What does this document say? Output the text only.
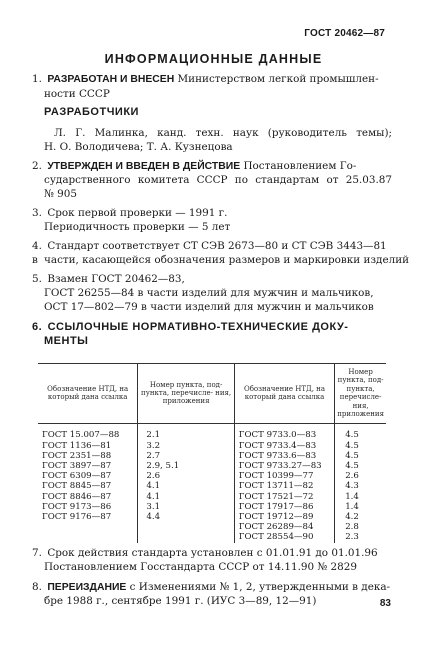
ГОСТ 20462—87
ИНФОРМАЦИОННЫЕ ДАННЫЕ
1. РАЗРАБОТАН И ВНЕСЕН Министерством легкой промышлен-
ности СССР
РАЗРАБОТЧИКИ
Л. Г. Малинка, канд. техн. наук (руководитель темы);
Н. О. Володичева; Т. А. Кузнецова
2. УТВЕРЖДЕН И ВВЕДЕН В ДЕЙСТВИЕ Постановлением Го-
сударственного комитета СССР по стандартам от 25.03.87
№ 905
3. Срок первой проверки — 1991 г.
Периодичность проверки — 5 лет
4. Стандарт соответствует СТ СЭВ 2673—80 и СТ СЭВ 3443—81 в части, касающейся обозначения размеров и маркировки изделий
5. Взамен ГОСТ 20462—83,
ГОСТ 26255—84 в части изделий для мужчин и мальчиков,
ОСТ 17—802—79 в части изделий для мужчин и мальчиков
6. ССЫЛОЧНЫЕ НОРМАТИВНО-ТЕХНИЧЕСКИЕ ДОКУ-
МЕНТЫ
Обозначение НТД, на который дана ссылка	Номер пункта, под- пункта, перечисле- ния, приложения	Обозначение НТД, на который дана ссылка	Номер пункта, под- пункта, перечисле- ния, приложения
ГОСТ 15.007—88	2.1	ГОСТ 9733.0—83	4.5
ГОСТ 1136—81	3.2	ГОСТ 9733.4—83	4.5
ГОСТ 2351—88	2.7	ГОСТ 9733.6—83	4.5
ГОСТ 3897—87	2.9, 5.1	ГОСТ 9733.27—83	4.5
ГОСТ 6309—87	2.6	ГОСТ 10399—77	2.6
ГОСТ 8845—87	4.1	ГОСТ 13711—82	4.3
ГОСТ 8846—87	4.1	ГОСТ 17521—72	1.4
ГОСТ 9173—86	3.1	ГОСТ 17917—86	1.4
ГОСТ 9176—87	4.4	ГОСТ 19712—89	4.2
		ГОСТ 26289—84	2.8
		ГОСТ 28554—90	2.3
7. Срок действия стандарта установлен с 01.01.91 до 01.01.96
Постановлением Госстандарта СССР от 14.11.90 № 2829
8. ПЕРЕИЗДАНИЕ с Изменениями № 1, 2, утвержденными в дека-
бре 1988 г., сентябре 1991 г. (ИУС 3—89, 12—91)	83
